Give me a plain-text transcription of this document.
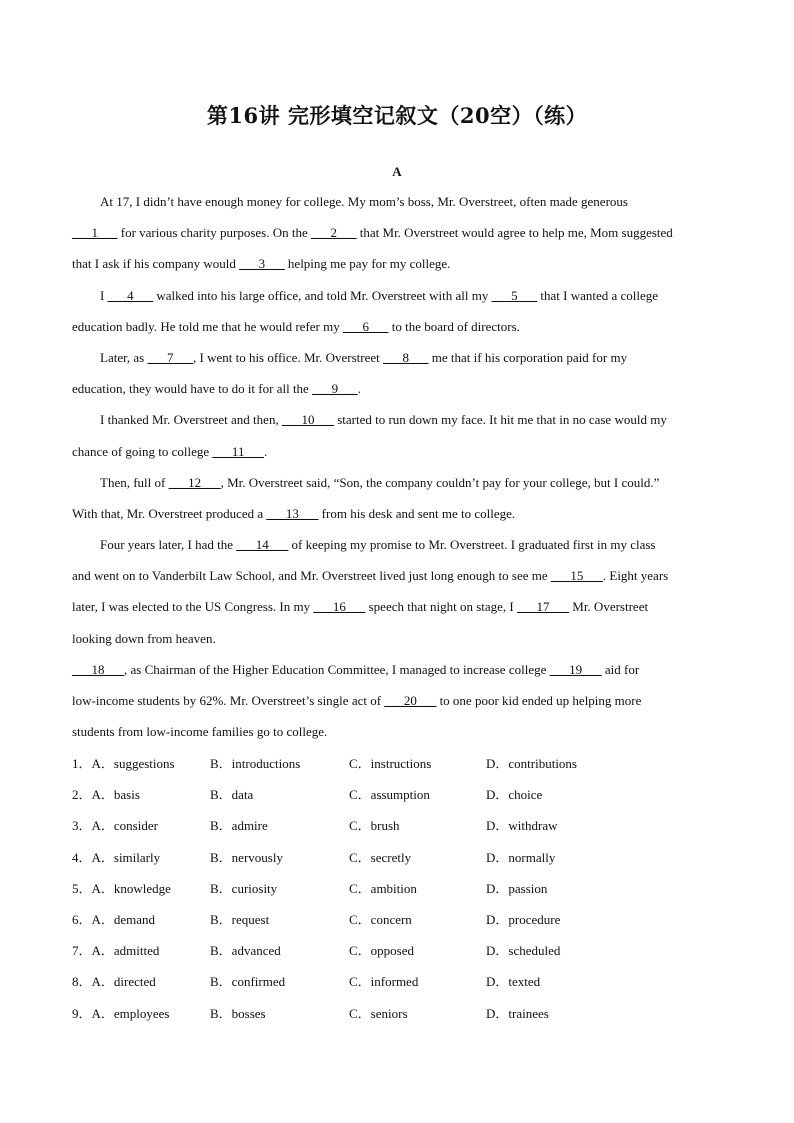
第16讲 完形填空记叙文（20空）（练）
A
At 17, I didn’t have enough money for college. My mom’s boss, Mr. Overstreet, often made generous
___1___ for various charity purposes. On the ___2___ that Mr. Overstreet would agree to help me, Mom suggested
that I ask if his company would ___3___ helping me pay for my college.
I ___4___ walked into his large office, and told Mr. Overstreet with all my ___5___ that I wanted a college
education badly. He told me that he would refer my ___6___ to the board of directors.
Later, as ___7___, I went to his office. Mr. Overstreet ___8___ me that if his corporation paid for my
education, they would have to do it for all the ___9___.
I thanked Mr. Overstreet and then, ___10___ started to run down my face. It hit me that in no case would my
chance of going to college ___11___.
Then, full of ___12___, Mr. Overstreet said, “Son, the company couldn’t pay for your college, but I could.”
With that, Mr. Overstreet produced a ___13___ from his desk and sent me to college.
Four years later, I had the ___14___ of keeping my promise to Mr. Overstreet. I graduated first in my class
and went on to Vanderbilt Law School, and Mr. Overstreet lived just long enough to see me ___15___. Eight years
later, I was elected to the US Congress. In my ___16___ speech that night on stage, I ___17___ Mr. Overstreet
looking down from heaven.
___18___, as Chairman of the Higher Education Committee, I managed to increase college ___19___ aid for
low-income students by 62%. Mr. Overstreet’s single act of ___20___ to one poor kid ended up helping more
students from low-income families go to college.
1．A．suggestions	B．introductions	C．instructions	D．contributions
2．A．basis	B．data	C．assumption	D．choice
3．A．consider	B．admire	C．brush	D．withdraw
4．A．similarly	B．nervously	C．secretly	D．normally
5．A．knowledge	B．curiosity	C．ambition	D．passion
6．A．demand	B．request	C．concern	D．procedure
7．A．admitted	B．advanced	C．opposed	D．scheduled
8．A．directed	B．confirmed	C．informed	D．texted
9．A．employees	B．bosses	C．seniors	D．trainees
